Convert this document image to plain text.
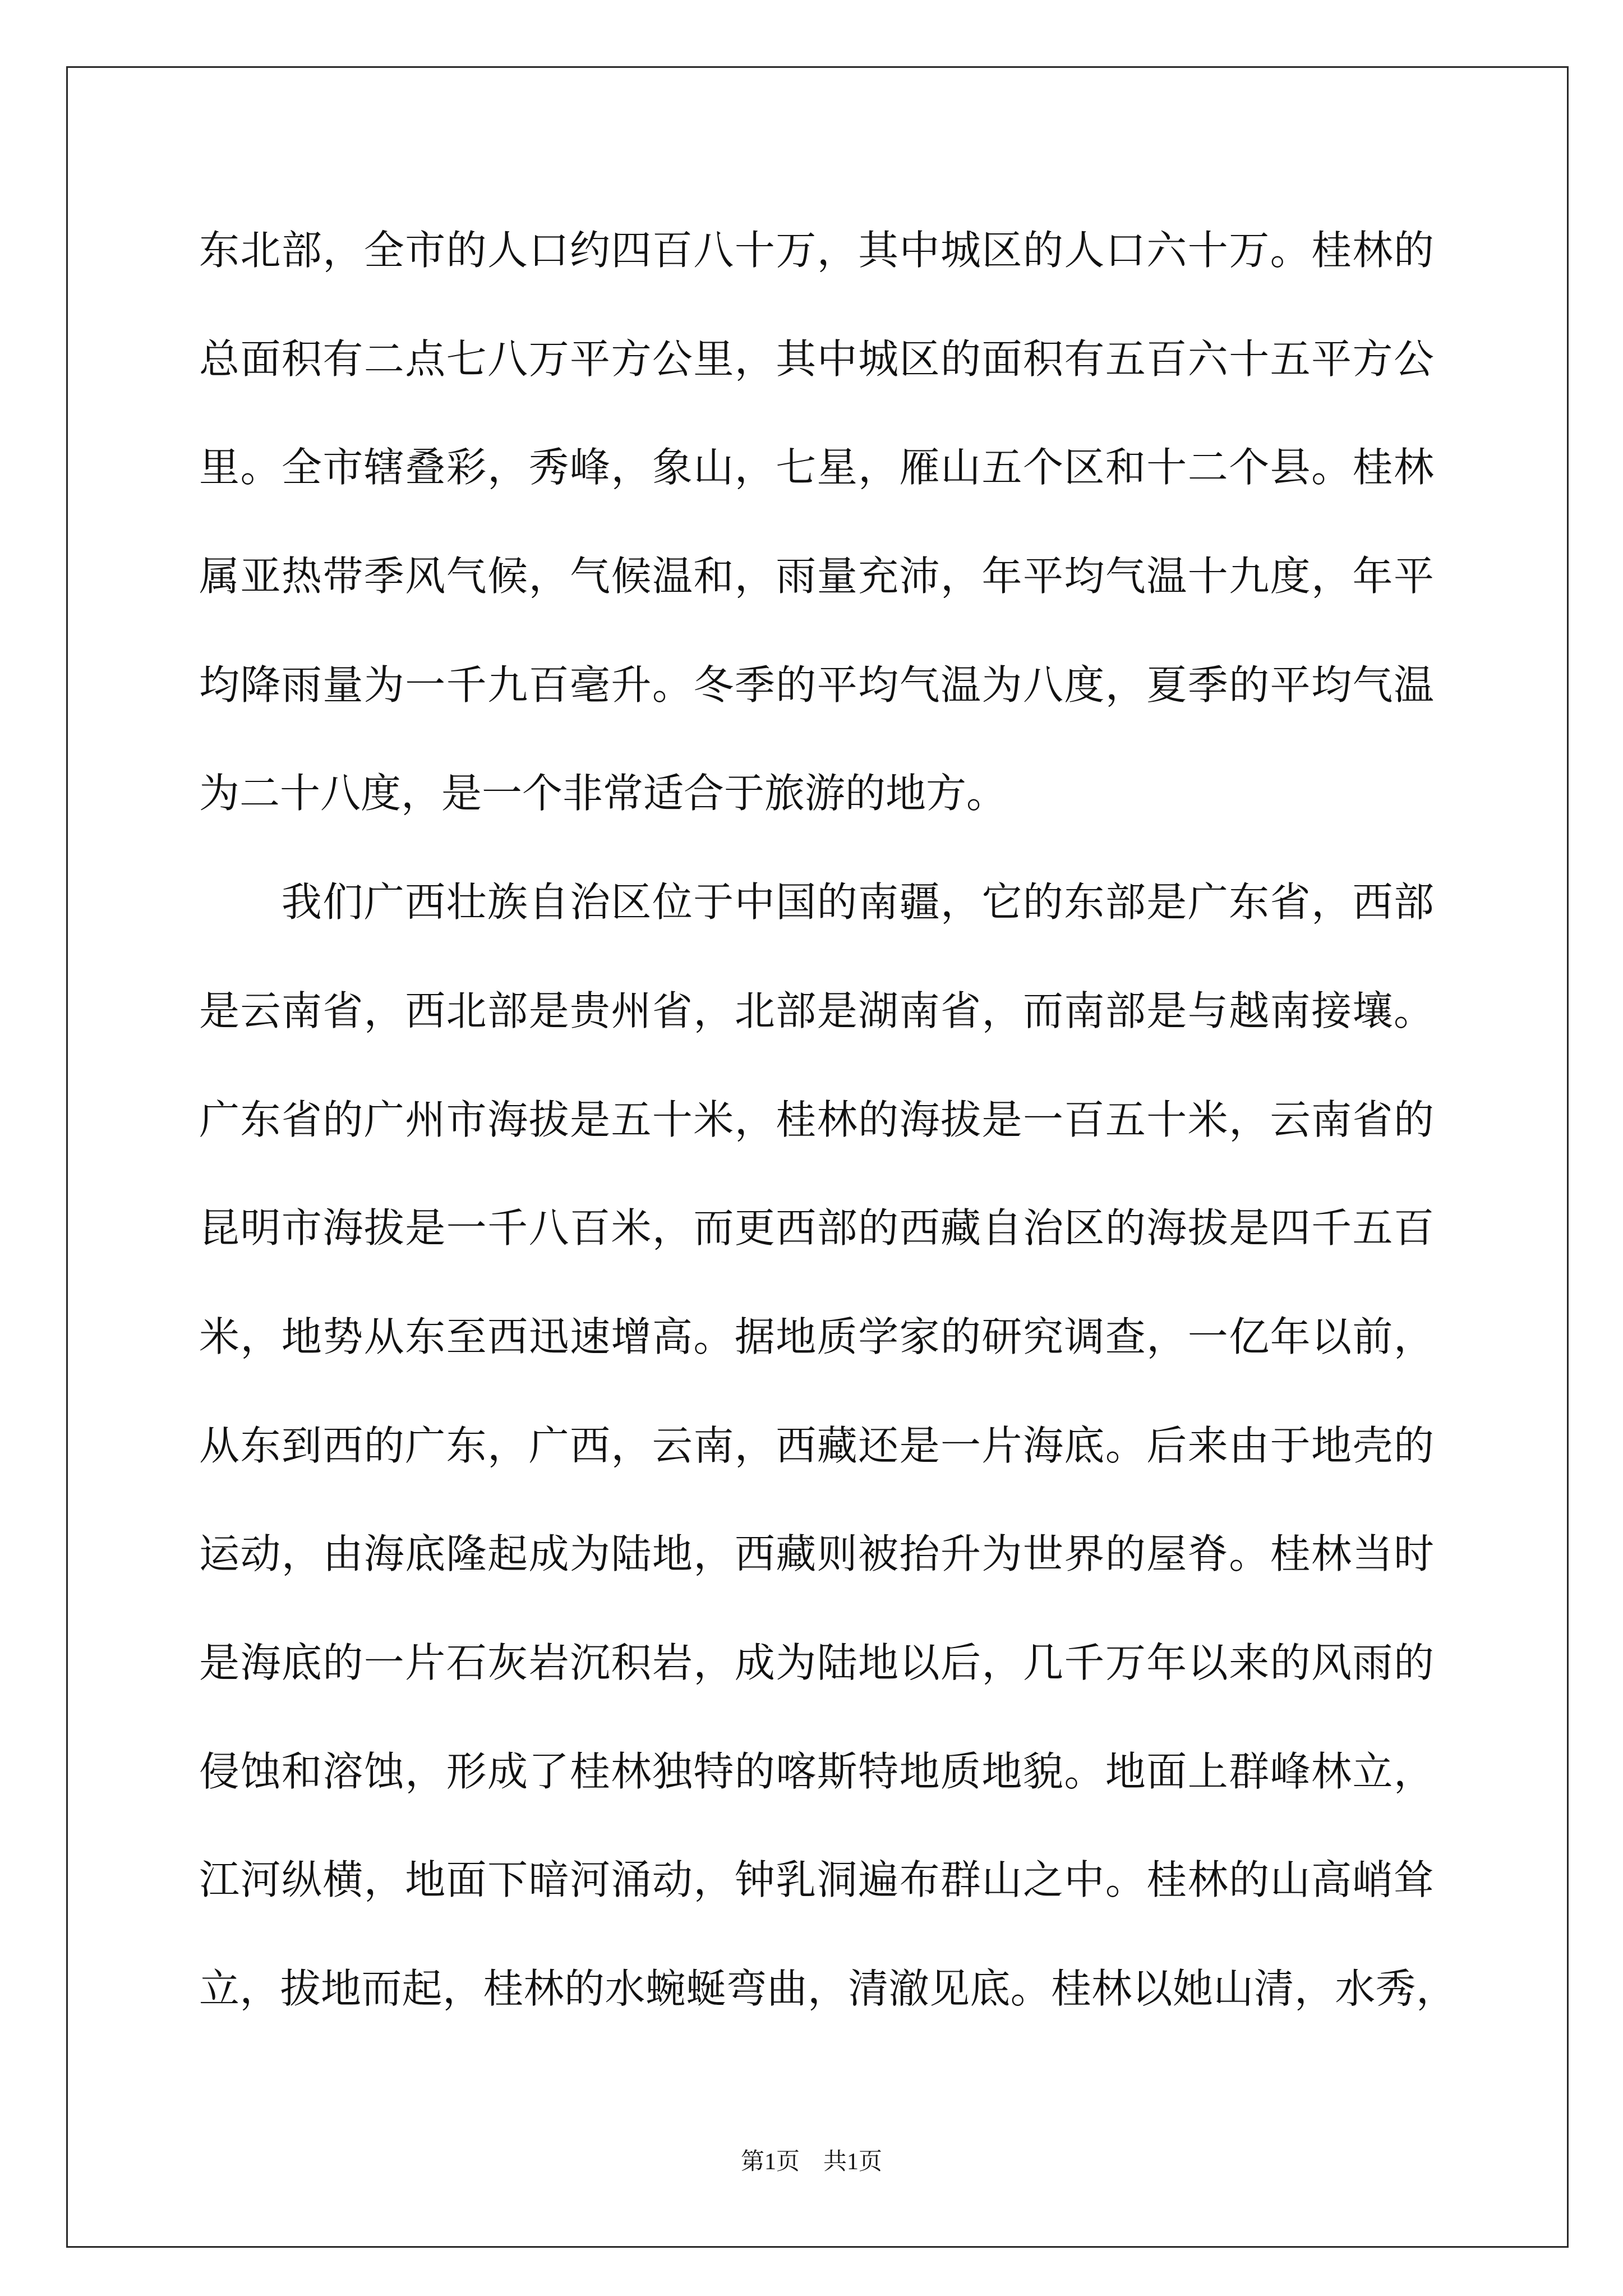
东北部，全市的人口约四百八十万，其中城区的人口六十万。桂林的
总面积有二点七八万平方公里，其中城区的面积有五百六十五平方公
里。全市辖叠彩，秀峰，象山，七星，雁山五个区和十二个县。桂林
属亚热带季风气候，气候温和，雨量充沛，年平均气温十九度，年平
均降雨量为一千九百毫升。冬季的平均气温为八度，夏季的平均气温
为二十八度，是一个非常适合于旅游的地方。
我们广西壮族自治区位于中国的南疆，它的东部是广东省，西部
是云南省，西北部是贵州省，北部是湖南省，而南部是与越南接壤。
广东省的广州市海拔是五十米，桂林的海拔是一百五十米，云南省的
昆明市海拔是一千八百米，而更西部的西藏自治区的海拔是四千五百
米，地势从东至西迅速增高。据地质学家的研究调查，一亿年以前，
从东到西的广东，广西，云南，西藏还是一片海底。后来由于地壳的
运动，由海底隆起成为陆地，西藏则被抬升为世界的屋脊。桂林当时
是海底的一片石灰岩沉积岩，成为陆地以后，几千万年以来的风雨的
侵蚀和溶蚀，形成了桂林独特的喀斯特地质地貌。地面上群峰林立，
江河纵横，地面下暗河涌动，钟乳洞遍布群山之中。桂林的山高峭耸
立，拔地而起，桂林的水蜿蜒弯曲，清澈见底。桂林以她山清，水秀，
第1页　共1页
